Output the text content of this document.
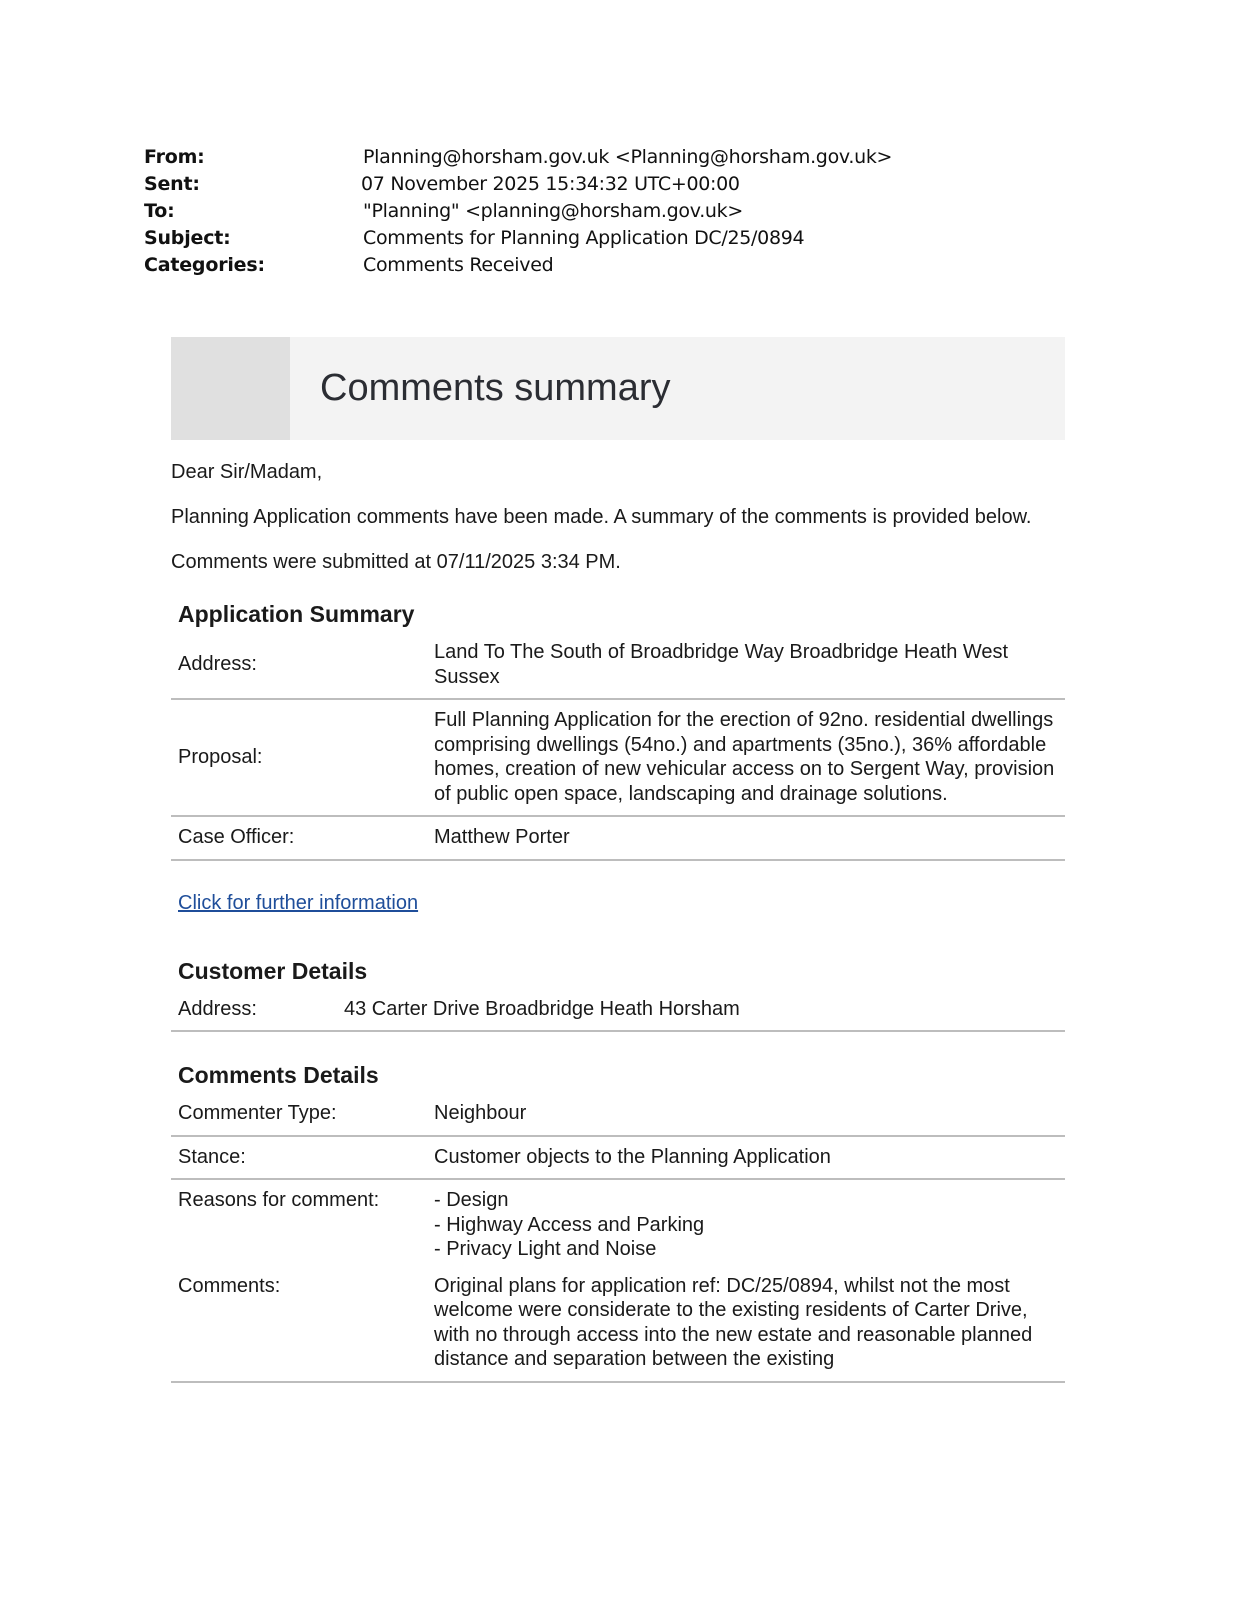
From:	Planning@horsham.gov.uk <Planning@horsham.gov.uk>
Sent:	07 November 2025 15:34:32 UTC+00:00
To:	"Planning" <planning@horsham.gov.uk>
Subject:	Comments for Planning Application DC/25/0894
Categories:	Comments Received
Comments summary

Dear Sir/Madam,

Planning Application comments have been made. A summary of the comments is provided below.

Comments were submitted at 07/11/2025 3:34 PM.

Application Summary
Address:	Land To The South of Broadbridge Way Broadbridge Heath West Sussex
Proposal:	Full Planning Application for the erection of 92no. residential dwellings comprising dwellings (54no.) and apartments (35no.), 36% affordable homes, creation of new vehicular access on to Sergent Way, provision of public open space, landscaping and drainage solutions.
Case Officer:	Matthew Porter
Click for further information
Customer Details
Address:	43 Carter Drive Broadbridge Heath Horsham
Comments Details
Commenter Type:	Neighbour
Stance:	Customer objects to the Planning Application
Reasons for comment:	- Design
- Highway Access and Parking
- Privacy Light and Noise

Comments:	Original plans for application ref: DC/25/0894, whilst not the most welcome were considerate to the existing residents of Carter Drive, with no through access into the new estate and reasonable planned distance and separation between the existing
